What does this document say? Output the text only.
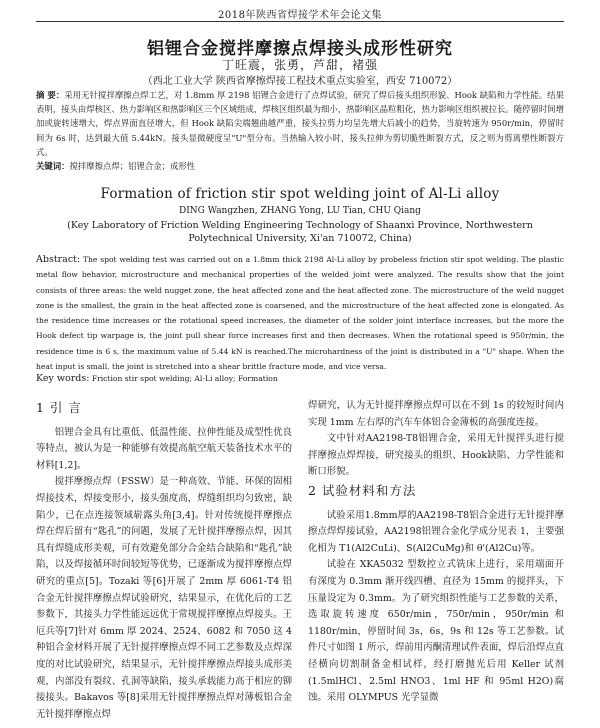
2018年陕西省焊接学术年会论文集
铝锂合金搅拌摩擦点焊接头成形性研究
丁旺震，张勇，芦甜，褚强
（西北工业大学 陕西省摩擦焊接工程技术重点实验室，西安 710072）
摘 要：采用无针搅拌摩擦点焊工艺，对 1.8mm 厚 2198 铝锂合金进行了点焊试验，研究了焊后接头组织形貌、Hook 缺陷和力学性能。结果表明，接头由焊核区、热力影响区和热影响区三个区域组成，焊核区组织最为细小，热影响区晶粒粗化，热力影响区组织被拉长。随停留时间增加或旋转速增大，焊点界面直径增大，但 Hook 缺陷尖端翘曲越严重，接头拉剪力均呈先增大后减小的趋势，当旋转速为 950r/min，停留时间为 6s 时，达到最大值 5.44kN。接头显微硬度呈"U"型分布。当热输入较小时，接头拉伸为剪切脆性断裂方式，反之则为剪离塑性断裂方式。
关键词：搅拌摩擦点焊；铝锂合金；成形性
Formation of friction stir spot welding joint of Al-Li alloy
DING Wangzhen, ZHANG Yong, LU Tian, CHU Qiang
(Key Laboratory of Friction Welding Engineering Technology of Shaanxi Province, Northwestern Polytechnical University, Xi'an 710072, China)
Abstract: The spot welding test was carried out on a 1.8mm thick 2198 Al-Li alloy by probeless friction stir spot welding. The plastic metal flow behavior, microstructure and mechanical properties of the welded joint were analyzed. The results show that the joint consists of three areas: the weld nugget zone, the heat affected zone and the heat affected zone. The microstructure of the weld nugget zone is the smallest, the grain in the heat affected zone is coarsened, and the microstructure of the heat affected zone is elongated. As the residence time increases or the rotational speed increases, the diameter of the solder joint interface increases, but the more the Hook defect tip warpage is, the joint pull shear force increases first and then decreases. When the rotational speed is 950r/min, the residence time is 6 s, the maximum value of 5.44 kN is reached.The microhardness of the joint is distributed in a "U" shape. When the heat input is small, the joint is stretched into a shear brittle fracture mode, and vice versa.
Key words: Friction stir spot welding; Al-Li alloy; Formation
1 引 言

铝锂合金具有比重低、低温性能、拉伸性能及成型性优良等特点，被认为是一种能够有效提高航空航天装备技术水平的材料[1,2]。

搅拌摩擦点焊（FSSW）是一种高效、节能、环保的固相焊接技术，焊接变形小，接头强度高，焊缝组织均匀致密，缺陷少，已在点连接领域崭露头角[3,4]。针对传统搅拌摩擦点焊在焊后留有“匙孔”的问题，发展了无针搅拌摩擦点焊，因其具有焊缝成形美观，可有效避免部分合金结合缺陷和“匙孔”缺陷，以及焊接循环时间较短等优势，已逐渐成为搅拌摩擦点焊研究的重点[5]。Tozaki 等[6]开展了 2mm 厚 6061-T4 铝合金无针搅拌摩擦点焊试验研究，结果显示，在优化后的工艺参数下，其接头力学性能远远优于常规搅拌摩擦点焊接头。王厄兵等[7]针对 6mm 厚 2024、2524、6082 和 7050 这 4 种铝合金材料开展了无针搅拌摩擦点焊不同工艺参数及点焊深度的对比试验研究，结果显示，无针搅拌摩擦点焊接头成形美观，内部没有裂纹、孔洞等缺陷，接头承载能力高于相应的铆接接头。Bakavos 等[8]采用无针搅拌摩擦点焊对薄板铝合金无针搅拌摩擦点焊

焊研究，认为无针搅拌摩擦点焊可以在不到 1s 的较短时间内实现 1mm 左右厚的汽车车体铝合金薄板的高强度连接。

文中针对AA2198-T8铝锂合金，采用无针搅拌头进行搅拌摩擦点焊焊接，研究接头的组织、Hook缺陷、力学性能和断口形貌。

2 试验材料和方法

试验采用1.8mm厚的AA2198-T8铝合金进行无针搅拌摩擦点焊焊接试验，AA2198铝锂合金化学成分见表 1，主要强化相为 T1(Al2CuLi)、S(Al2CuMg)和 θ'(Al2Cu)等。

试验在 XKA5032 型数控立式铣床上进行，采用端面开有深度为 0.3mm 渐开线四槽、直径为 15mm 的搅拌头，下压量设定为 0.3mm。为了研究组织性能与工艺参数的关系，选取旋转速度 650r/min，750r/min，950r/min 和 1180r/min，停留时间 3s，6s，9s 和 12s 等工艺参数。试件尺寸如图 1 所示，焊前用丙酮清理试件表面，焊后沿焊点直径横向切割制备金相试样，经打磨抛光后用 Keller 试剂(1.5mlHCl、2.5ml HNO3、1ml HF 和 95ml H2O)腐蚀。采用 OLYMPUS 光学显微
